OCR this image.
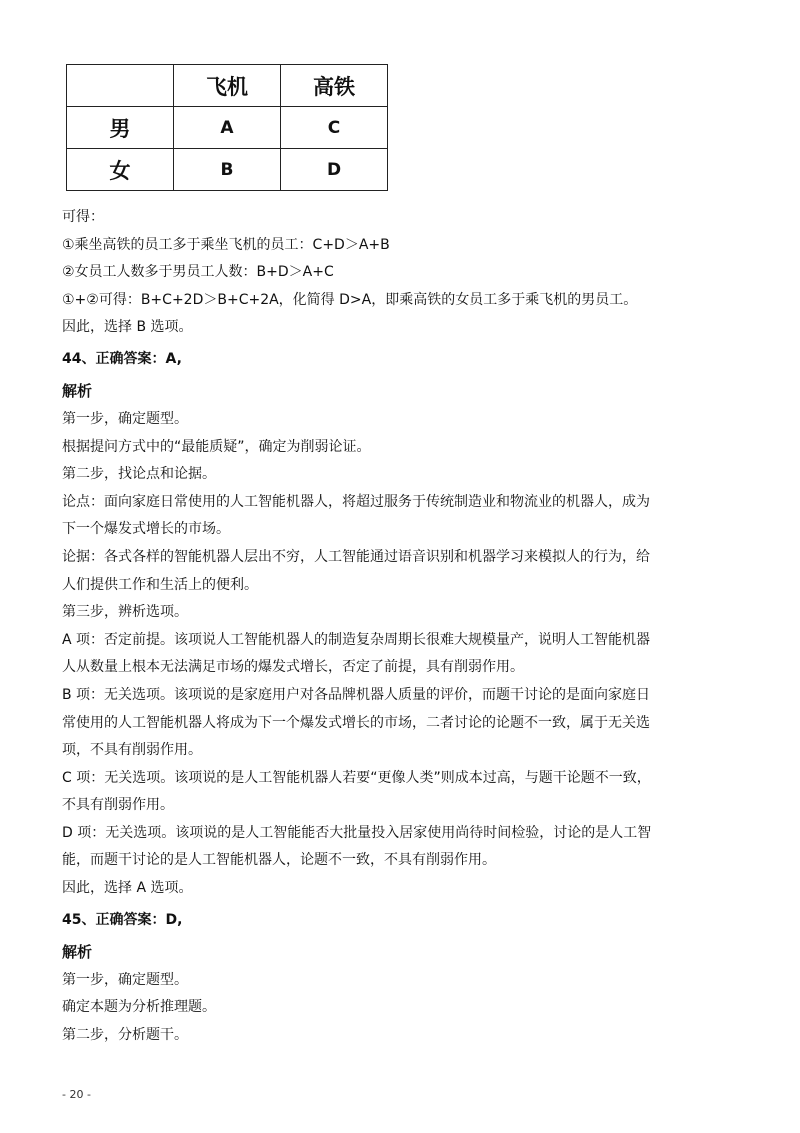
	飞机	高铁
男	A	C
女	B	D
可得：
①乘坐高铁的员工多于乘坐飞机的员工：C+D＞A+B
②女员工人数多于男员工人数：B+D＞A+C
①+②可得：B+C+2D＞B+C+2A，化简得 D>A，即乘高铁的女员工多于乘飞机的男员工。
因此，选择 B 选项。
44、正确答案：A,
解析
第一步，确定题型。
根据提问方式中的“最能质疑”，确定为削弱论证。
第二步，找论点和论据。
论点：面向家庭日常使用的人工智能机器人，将超过服务于传统制造业和物流业的机器人，成为
下一个爆发式增长的市场。
论据：各式各样的智能机器人层出不穷，人工智能通过语音识别和机器学习来模拟人的行为，给
人们提供工作和生活上的便利。
第三步，辨析选项。
A 项：否定前提。该项说人工智能机器人的制造复杂周期长很难大规模量产，说明人工智能机器
人从数量上根本无法满足市场的爆发式增长，否定了前提，具有削弱作用。
B 项：无关选项。该项说的是家庭用户对各品牌机器人质量的评价，而题干讨论的是面向家庭日
常使用的人工智能机器人将成为下一个爆发式增长的市场，二者讨论的论题不一致，属于无关选
项，不具有削弱作用。
C 项：无关选项。该项说的是人工智能机器人若要“更像人类”则成本过高，与题干论题不一致，
不具有削弱作用。
D 项：无关选项。该项说的是人工智能能否大批量投入居家使用尚待时间检验，讨论的是人工智
能，而题干讨论的是人工智能机器人，论题不一致，不具有削弱作用。
因此，选择 A 选项。
45、正确答案：D,
解析
第一步，确定题型。
确定本题为分析推理题。
第二步，分析题干。
- 20 -
